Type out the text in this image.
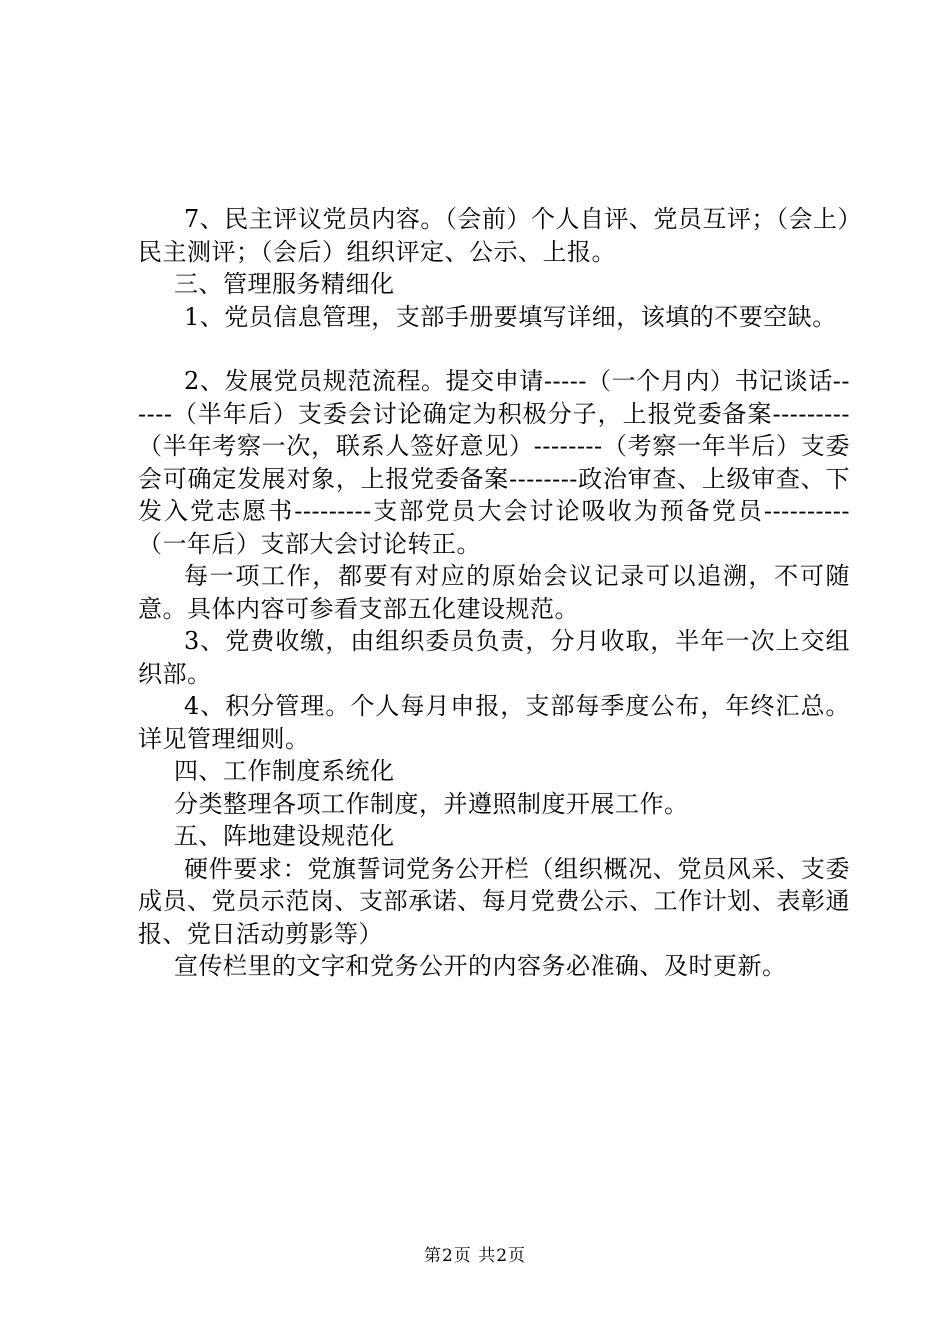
7、民主评议党员内容。（会前）个人自评、党员互评；（会上）民主测评；（会后）组织评定、公示、上报。

三、管理服务精细化

1、党员信息管理，支部手册要填写详细，该填的不要空缺。

2、发展党员规范流程。提交申请-----（一个月内）书记谈话------（半年后）支委会讨论确定为积极分子，上报党委备案---------（半年考察一次，联系人签好意见）--------（考察一年半后）支委会可确定发展对象，上报党委备案--------政治审查、上级审查、下发入党志愿书---------支部党员大会讨论吸收为预备党员----------（一年后）支部大会讨论转正。

每一项工作，都要有对应的原始会议记录可以追溯，不可随意。具体内容可参看支部五化建设规范。

3、党费收缴，由组织委员负责，分月收取，半年一次上交组织部。

4、积分管理。个人每月申报，支部每季度公布，年终汇总。详见管理细则。

四、工作制度系统化

分类整理各项工作制度，并遵照制度开展工作。

五、阵地建设规范化

硬件要求：党旗誓词党务公开栏（组织概况、党员风采、支委成员、党员示范岗、支部承诺、每月党费公示、工作计划、表彰通报、党日活动剪影等）

宣传栏里的文字和党务公开的内容务必准确、及时更新。

第2页 共2页
